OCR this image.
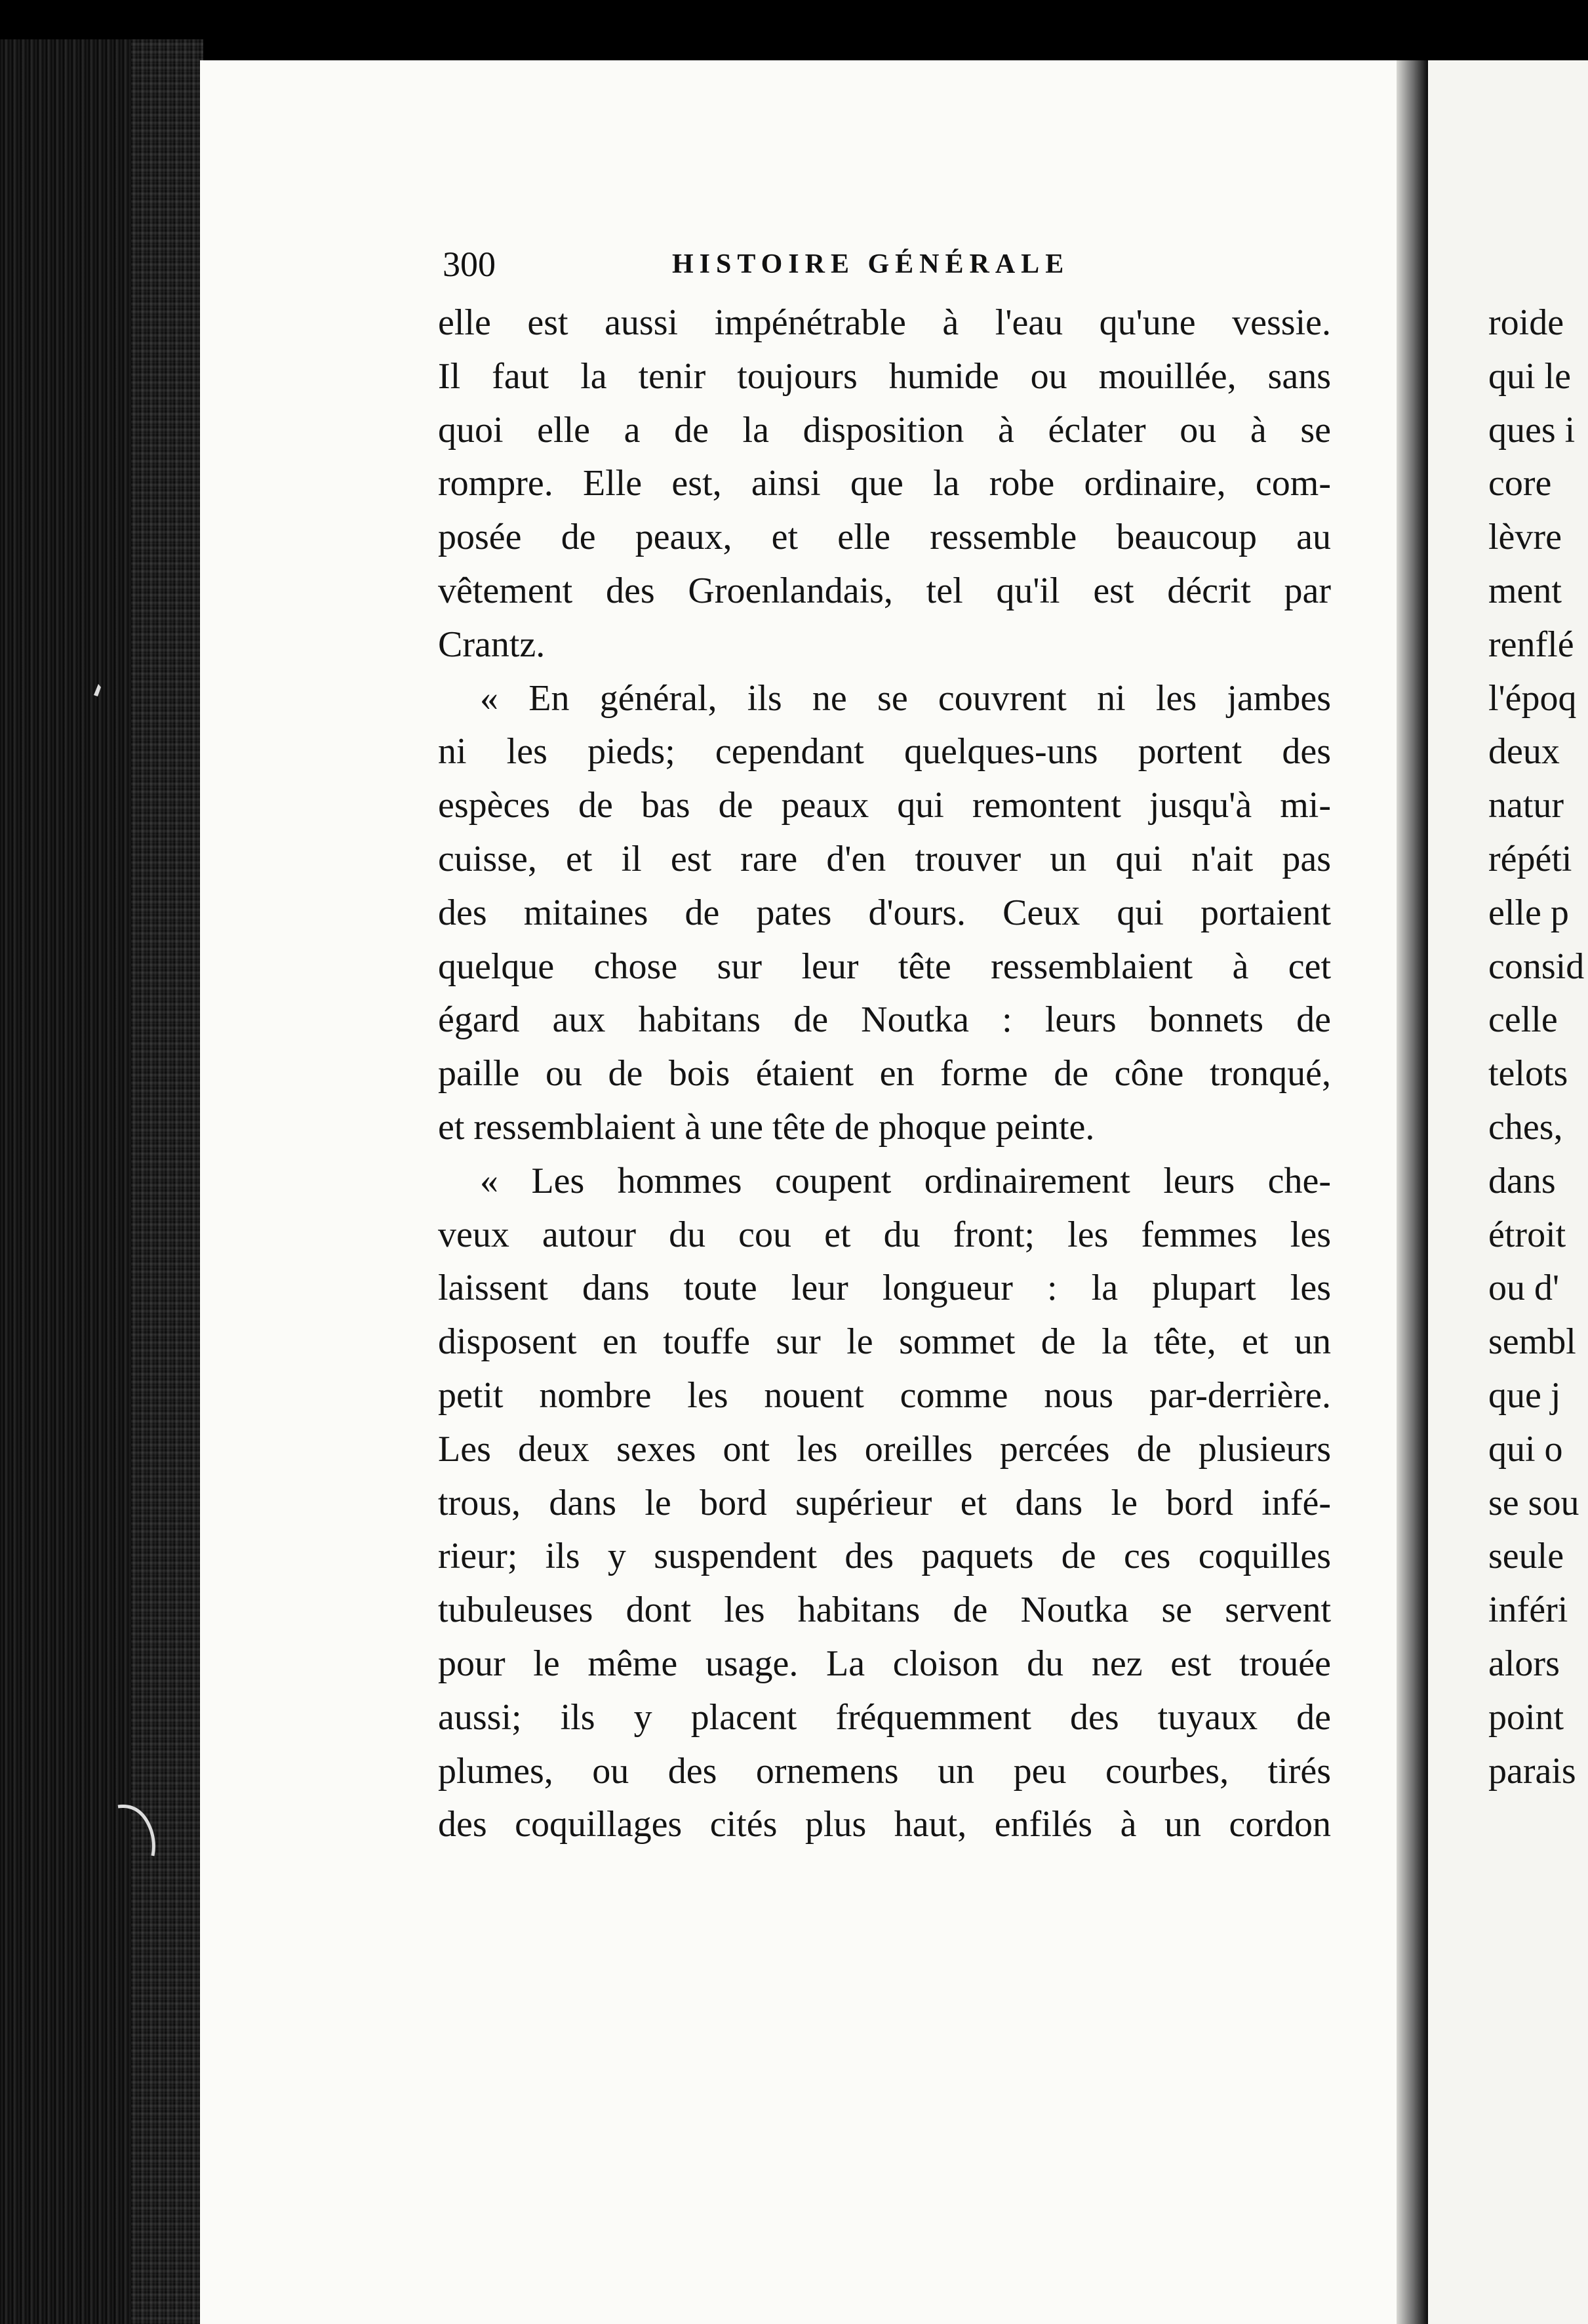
300	HISTOIRE GÉNÉRALE
elle est aussi impénétrable à l'eau qu'une vessie.
Il faut la tenir toujours humide ou mouillée, sans
quoi elle a de la disposition à éclater ou à se
rompre. Elle est, ainsi que la robe ordinaire, com-
posée de peaux, et elle ressemble beaucoup au
vêtement des Groenlandais, tel qu'il est décrit par
Crantz.
« En général, ils ne se couvrent ni les jambes
ni les pieds; cependant quelques-uns portent des
espèces de bas de peaux qui remontent jusqu'à mi-
cuisse, et il est rare d'en trouver un qui n'ait pas
des mitaines de pates d'ours. Ceux qui portaient
quelque chose sur leur tête ressemblaient à cet
égard aux habitans de Noutka : leurs bonnets de
paille ou de bois étaient en forme de cône tronqué,
et ressemblaient à une tête de phoque peinte.
« Les hommes coupent ordinairement leurs che-
veux autour du cou et du front; les femmes les
laissent dans toute leur longueur : la plupart les
disposent en touffe sur le sommet de la tête, et un
petit nombre les nouent comme nous par-derrière.
Les deux sexes ont les oreilles percées de plusieurs
trous, dans le bord supérieur et dans le bord infé-
rieur; ils y suspendent des paquets de ces coquilles
tubuleuses dont les habitans de Noutka se servent
pour le même usage. La cloison du nez est trouée
aussi; ils y placent fréquemment des tuyaux de
plumes, ou des ornemens un peu courbes, tirés
des coquillages cités plus haut, enfilés à un cordon
roide
qui le
ques i
core
lèvre
ment
renflé
l'époq
deux
natur
répéti
elle p
consid
celle
telots
ches,
dans
étroit
ou d'
sembl
que j
qui o
se sou
seule
inféri
alors
point
parais
